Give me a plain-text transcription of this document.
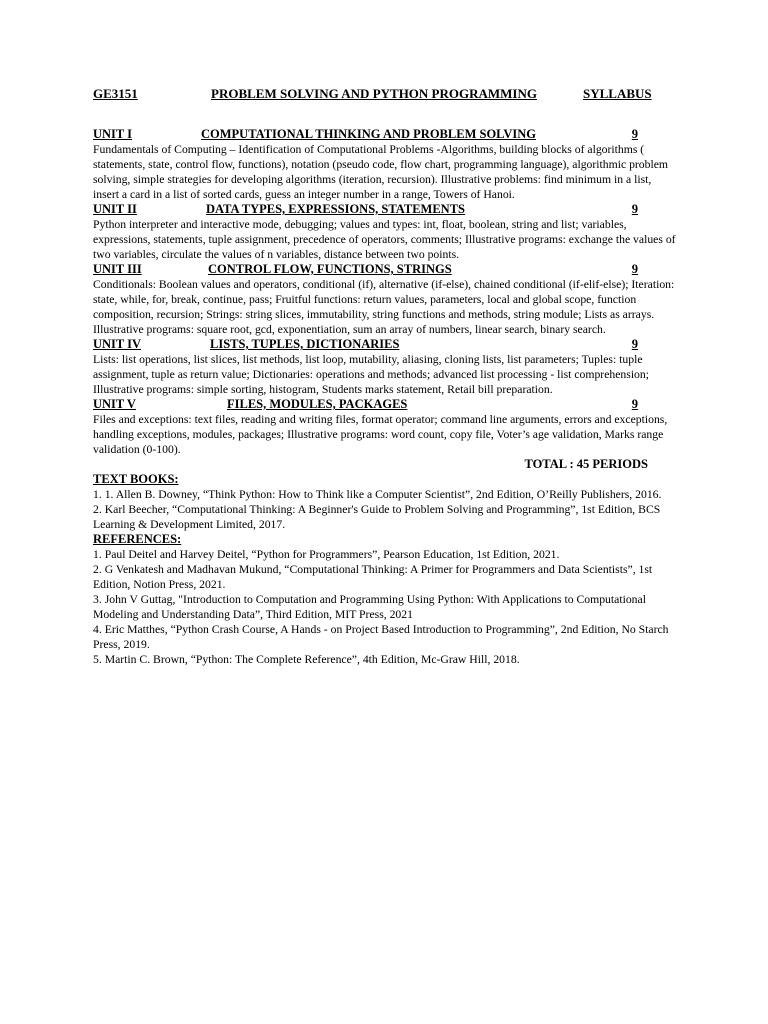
GE3151	PROBLEM SOLVING AND PYTHON PROGRAMMING	SYLLABUS
UNIT I	COMPUTATIONAL THINKING AND PROBLEM SOLVING	9

Fundamentals of Computing – Identification of Computational Problems -Algorithms, building blocks of algorithms ( statements, state, control flow, functions), notation (pseudo code, flow chart, programming language), algorithmic problem solving, simple strategies for developing algorithms (iteration, recursion). Illustrative problems: find minimum in a list, insert a card in a list of sorted cards, guess an integer number in a range, Towers of Hanoi.

UNIT II	DATA TYPES, EXPRESSIONS, STATEMENTS	9

Python interpreter and interactive mode, debugging; values and types: int, float, boolean, string and list; variables, expressions, statements, tuple assignment, precedence of operators, comments; Illustrative programs: exchange the values of two variables, circulate the values of n variables, distance between two points.

UNIT III	CONTROL FLOW, FUNCTIONS, STRINGS	9

Conditionals: Boolean values and operators, conditional (if), alternative (if-else), chained conditional (if-elif-else); Iteration: state, while, for, break, continue, pass; Fruitful functions: return values, parameters, local and global scope, function composition, recursion; Strings: string slices, immutability, string functions and methods, string module; Lists as arrays. Illustrative programs: square root, gcd, exponentiation, sum an array of numbers, linear search, binary search.

UNIT IV	LISTS, TUPLES, DICTIONARIES	9

Lists: list operations, list slices, list methods, list loop, mutability, aliasing, cloning lists, list parameters; Tuples: tuple assignment, tuple as return value; Dictionaries: operations and methods; advanced list processing - list comprehension; Illustrative programs: simple sorting, histogram, Students marks statement, Retail bill preparation.

UNIT V	FILES, MODULES, PACKAGES	9

Files and exceptions: text files, reading and writing files, format operator; command line arguments, errors and exceptions, handling exceptions, modules, packages; Illustrative programs: word count, copy file, Voter’s age validation, Marks range validation (0-100).

TOTAL : 45 PERIODS

TEXT BOOKS:

1. 1. Allen B. Downey, “Think Python: How to Think like a Computer Scientist”, 2nd Edition, O’Reilly Publishers, 2016.
2. Karl Beecher, “Computational Thinking: A Beginner's Guide to Problem Solving and Programming”, 1st Edition, BCS Learning & Development Limited, 2017.

REFERENCES:

1. Paul Deitel and Harvey Deitel, “Python for Programmers”, Pearson Education, 1st Edition, 2021.
2. G Venkatesh and Madhavan Mukund, “Computational Thinking: A Primer for Programmers and Data Scientists”, 1st Edition, Notion Press, 2021.
3. John V Guttag, "Introduction to Computation and Programming Using Python: With Applications to Computational Modeling and Understanding Data”, Third Edition, MIT Press, 2021
4. Eric Matthes, “Python Crash Course, A Hands - on Project Based Introduction to Programming”, 2nd Edition, No Starch Press, 2019.
5. Martin C. Brown, “Python: The Complete Reference”, 4th Edition, Mc-Graw Hill, 2018.
